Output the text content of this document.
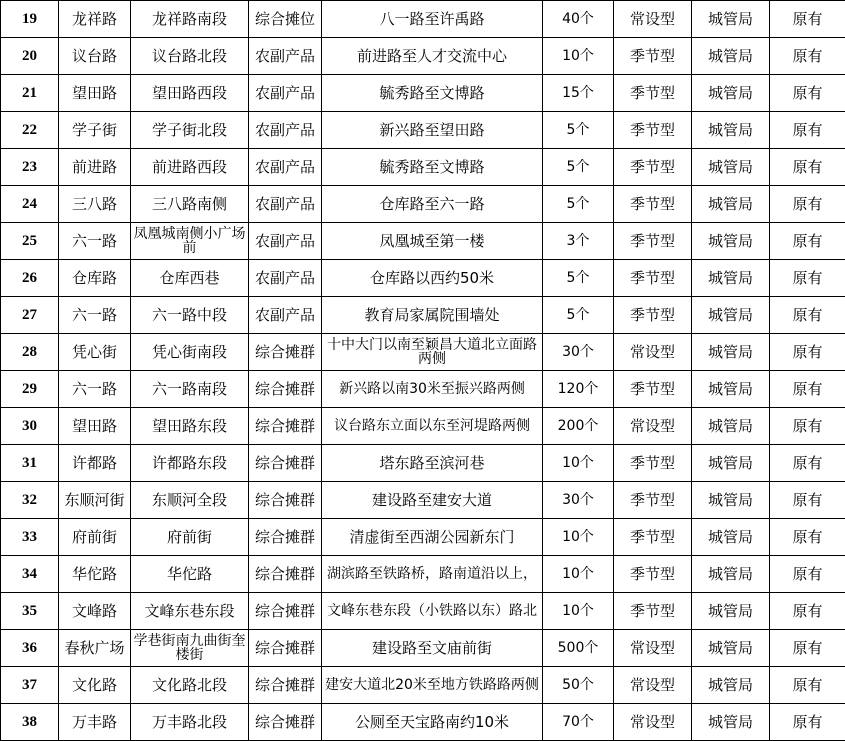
19	龙祥路	龙祥路南段	综合摊位	八一路至许禹路	40个	常设型	城管局	原有
20	议台路	议台路北段	农副产品	前进路至人才交流中心	10个	季节型	城管局	原有
21	望田路	望田路西段	农副产品	毓秀路至文博路	15个	季节型	城管局	原有
22	学子街	学子街北段	农副产品	新兴路至望田路	5个	季节型	城管局	原有
23	前进路	前进路西段	农副产品	毓秀路至文博路	5个	季节型	城管局	原有
24	三八路	三八路南侧	农副产品	仓库路至六一路	5个	季节型	城管局	原有
25	六一路	凤凰城南侧小广场前	农副产品	凤凰城至第一楼	3个	季节型	城管局	原有
26	仓库路	仓库西巷	农副产品	仓库路以西约50米	5个	季节型	城管局	原有
27	六一路	六一路中段	农副产品	教育局家属院围墙处	5个	季节型	城管局	原有
28	凭心街	凭心街南段	综合摊群	十中大门以南至颖昌大道北立面路两侧	30个	常设型	城管局	原有
29	六一路	六一路南段	综合摊群	新兴路以南30米至振兴路两侧	120个	季节型	城管局	原有
30	望田路	望田路东段	综合摊群	议台路东立面以东至河堤路两侧	200个	常设型	城管局	原有
31	许都路	许都路东段	综合摊群	塔东路至滨河巷	10个	季节型	城管局	原有
32	东顺河街	东顺河全段	综合摊群	建设路至建安大道	30个	季节型	城管局	原有
33	府前街	府前街	综合摊群	清虚街至西湖公园新东门	10个	季节型	城管局	原有
34	华佗路	华佗路	综合摊群	湖滨路至铁路桥，路南道沿以上，	10个	季节型	城管局	原有
35	文峰路	文峰东巷东段	综合摊群	文峰东巷东段（小铁路以东）路北	10个	季节型	城管局	原有
36	春秋广场	学巷街南九曲街奎楼街	综合摊群	建设路至文庙前街	500个	常设型	城管局	原有
37	文化路	文化路北段	综合摊群	建安大道北20米至地方铁路路两侧	50个	常设型	城管局	原有
38	万丰路	万丰路北段	综合摊群	公厕至天宝路南约10米	70个	常设型	城管局	原有
